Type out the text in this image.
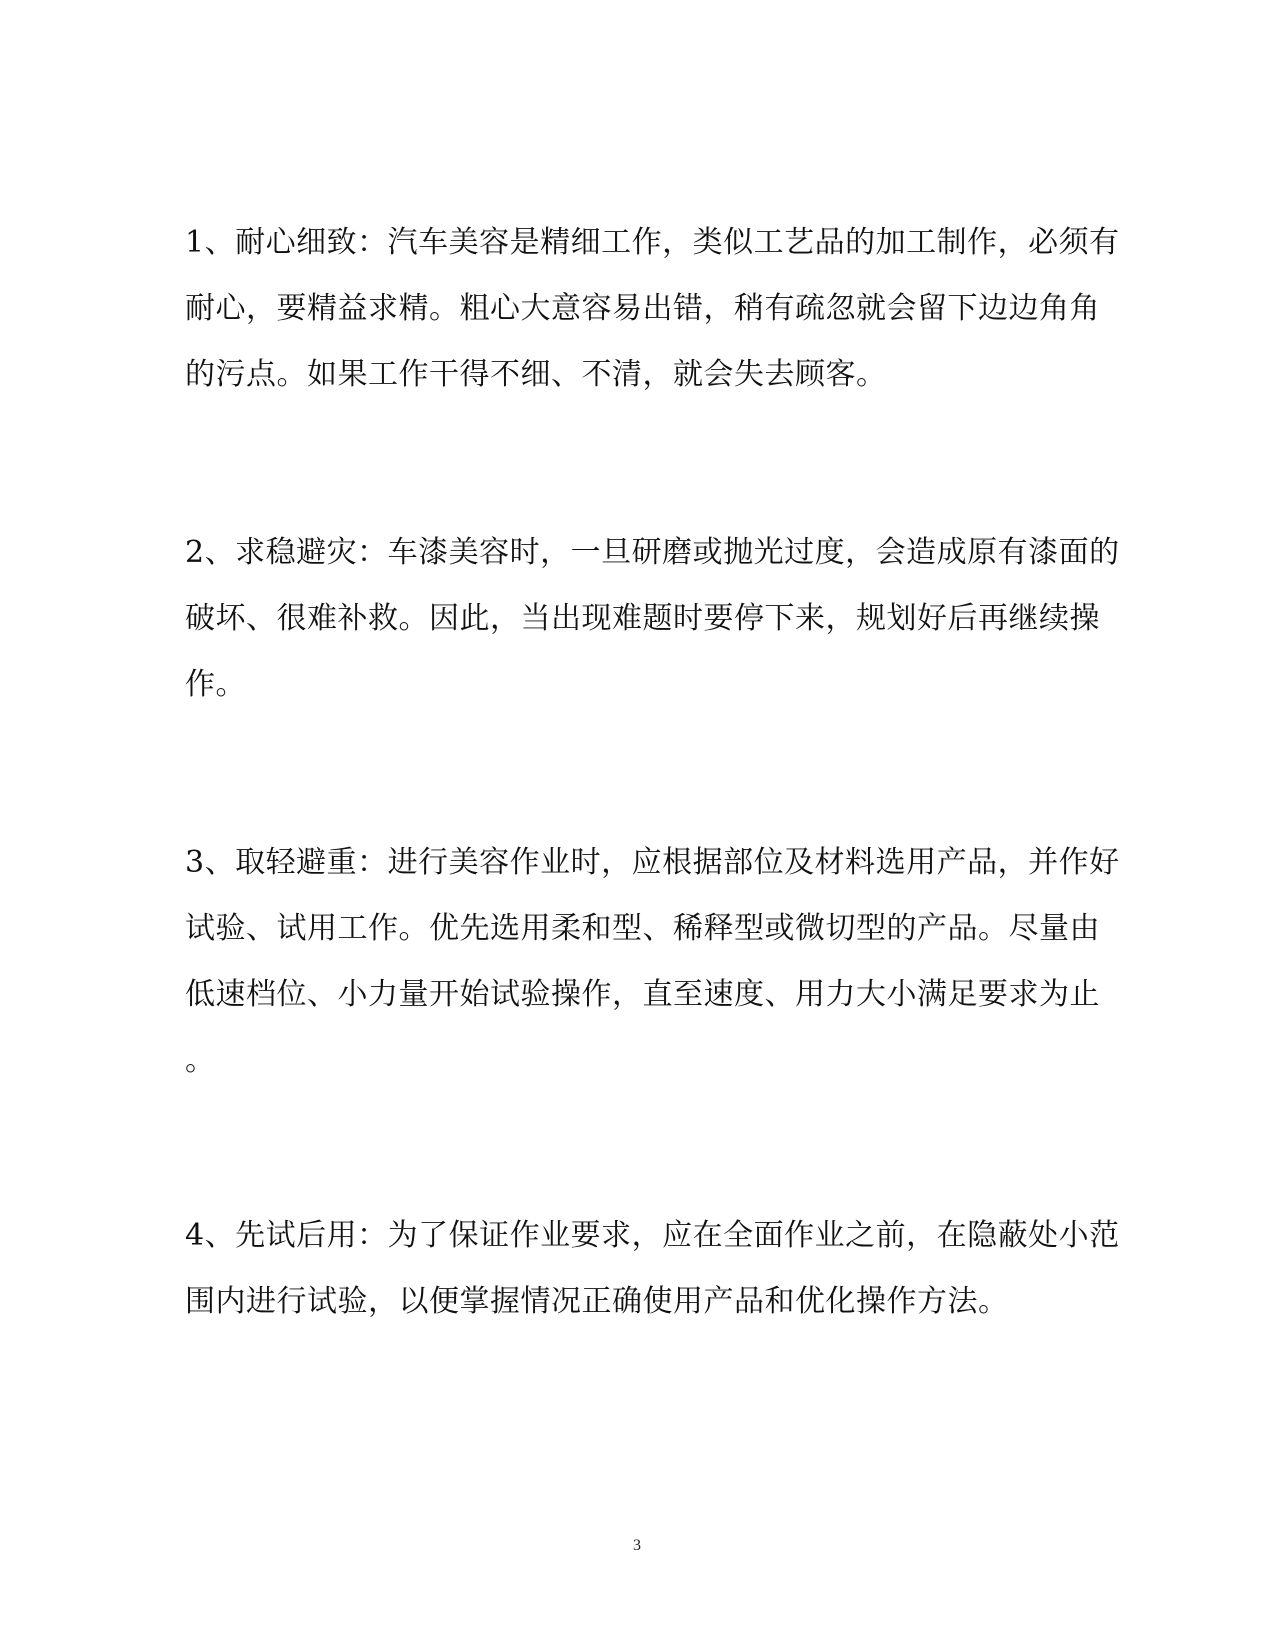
1、耐心细致：汽车美容是精细工作，类似工艺品的加工制作，必须有
耐心，要精益求精。粗心大意容易出错，稍有疏忽就会留下边边角角
的污点。如果工作干得不细、不清，就会失去顾客。
2、求稳避灾：车漆美容时，一旦研磨或抛光过度，会造成原有漆面的
破坏、很难补救。因此，当出现难题时要停下来，规划好后再继续操
作。
3、取轻避重：进行美容作业时，应根据部位及材料选用产品，并作好
试验、试用工作。优先选用柔和型、稀释型或微切型的产品。尽量由
低速档位、小力量开始试验操作，直至速度、用力大小满足要求为止
。
4、先试后用：为了保证作业要求，应在全面作业之前，在隐蔽处小范
围内进行试验，以便掌握情况正确使用产品和优化操作方法。
3
